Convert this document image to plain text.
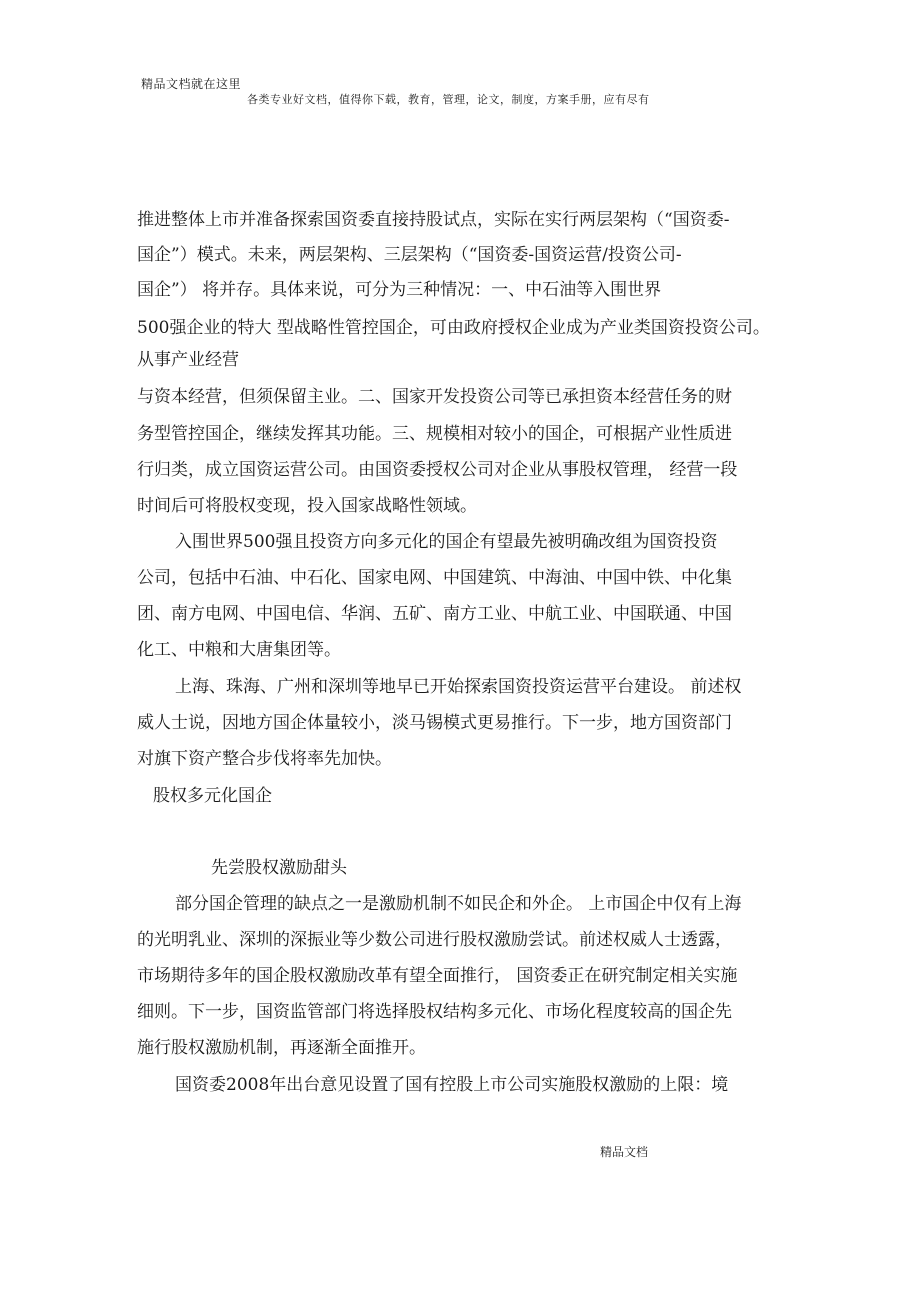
精品文档就在这里
各类专业好文档，值得你下载，教育，管理，论文，制度，方案手册，应有尽有
推进整体上市并准备探索国资委直接持股试点，实际在实行两层架构（“国资委-
国企”）模式。未来，两层架构、三层架构（“国资委-国资运营/投资公司-
国企”） 将并存。具体来说，可分为三种情况：一、中石油等入围世界
500强企业的特大 型战略性管控国企，可由政府授权企业成为产业类国资投资公司。
从事产业经营
与资本经营，但须保留主业。二、国家开发投资公司等已承担资本经营任务的财
务型管控国企，继续发挥其功能。三、规模相对较小的国企，可根据产业性质进
行归类，成立国资运营公司。由国资委授权公司对企业从事股权管理， 经营一段
时间后可将股权变现，投入国家战略性领域。
入围世界500强且投资方向多元化的国企有望最先被明确改组为国资投资
公司，包括中石油、中石化、国家电网、中国建筑、中海油、中国中铁、中化集
团、南方电网、中国电信、华润、五矿、南方工业、中航工业、中国联通、中国
化工、中粮和大唐集团等。
上海、珠海、广州和深圳等地早已开始探索国资投资运营平台建设。 前述权
威人士说，因地方国企体量较小，淡马锡模式更易推行。下一步，地方国资部门
对旗下资产整合步伐将率先加快。
股权多元化国企
先尝股权激励甜头
部分国企管理的缺点之一是激励机制不如民企和外企。 上市国企中仅有上海
的光明乳业、深圳的深振业等少数公司进行股权激励尝试。前述权威人士透露，
市场期待多年的国企股权激励改革有望全面推行， 国资委正在研究制定相关实施
细则。下一步，国资监管部门将选择股权结构多元化、市场化程度较高的国企先
施行股权激励机制，再逐渐全面推开。
国资委2008年出台意见设置了国有控股上市公司实施股权激励的上限：境
精品文档
